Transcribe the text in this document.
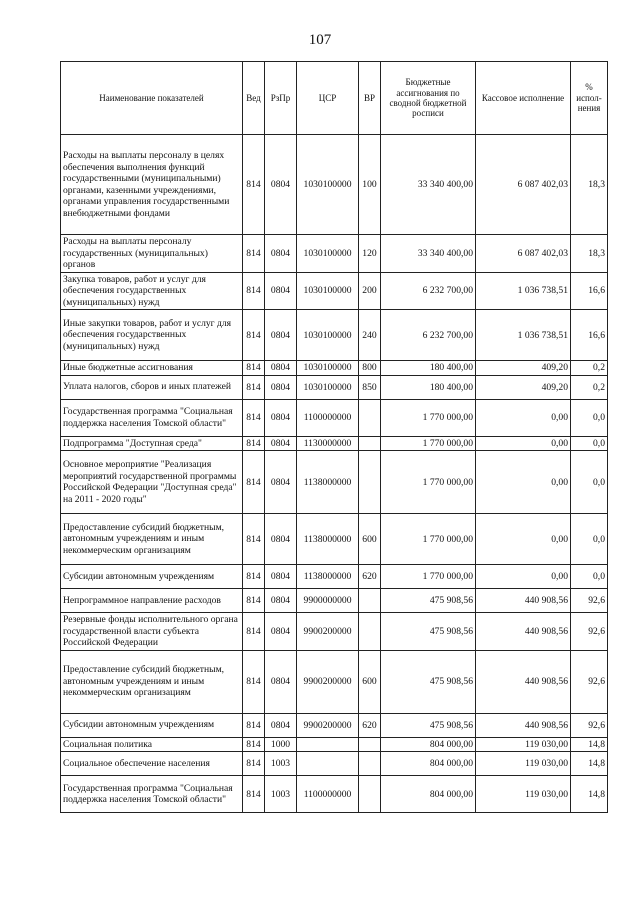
107
Наименование показателей	Вед	РзПр	ЦСР	ВР	Бюджетные ассигнования по сводной бюджетной росписи	Кассовое исполнение	% испол-нения
Расходы на выплаты персоналу в целях обеспечения выполнения функций государственными (муниципальными) органами, казенными учреждениями, органами управления государственными внебюджетными фондами	814	0804	1030100000	100	33 340 400,00	6 087 402,03	18,3
Расходы на выплаты персоналу государственных (муниципальных) органов	814	0804	1030100000	120	33 340 400,00	6 087 402,03	18,3
Закупка товаров, работ и услуг для обеспечения государственных (муниципальных) нужд	814	0804	1030100000	200	6 232 700,00	1 036 738,51	16,6
Иные закупки товаров, работ и услуг для обеспечения государственных (муниципальных) нужд	814	0804	1030100000	240	6 232 700,00	1 036 738,51	16,6
Иные бюджетные ассигнования	814	0804	1030100000	800	180 400,00	409,20	0,2
Уплата налогов, сборов и иных платежей	814	0804	1030100000	850	180 400,00	409,20	0,2
Государственная программа "Социальная поддержка населения Томской области"	814	0804	1100000000		1 770 000,00	0,00	0,0
Подпрограмма "Доступная среда"	814	0804	1130000000		1 770 000,00	0,00	0,0
Основное мероприятие "Реализация мероприятий государственной программы Российской Федерации "Доступная среда" на 2011 - 2020 годы"	814	0804	1138000000		1 770 000,00	0,00	0,0
Предоставление субсидий бюджетным, автономным учреждениям и иным некоммерческим организациям	814	0804	1138000000	600	1 770 000,00	0,00	0,0
Субсидии автономным учреждениям	814	0804	1138000000	620	1 770 000,00	0,00	0,0
Непрограммное направление расходов	814	0804	9900000000		475 908,56	440 908,56	92,6
Резервные фонды исполнительного органа государственной власти субъекта Российской Федерации	814	0804	9900200000		475 908,56	440 908,56	92,6
Предоставление субсидий бюджетным, автономным учреждениям и иным некоммерческим организациям	814	0804	9900200000	600	475 908,56	440 908,56	92,6
Субсидии автономным учреждениям	814	0804	9900200000	620	475 908,56	440 908,56	92,6
Социальная политика	814	1000			804 000,00	119 030,00	14,8
Социальное обеспечение населения	814	1003			804 000,00	119 030,00	14,8
Государственная программа "Социальная поддержка населения Томской области"	814	1003	1100000000		804 000,00	119 030,00	14,8
